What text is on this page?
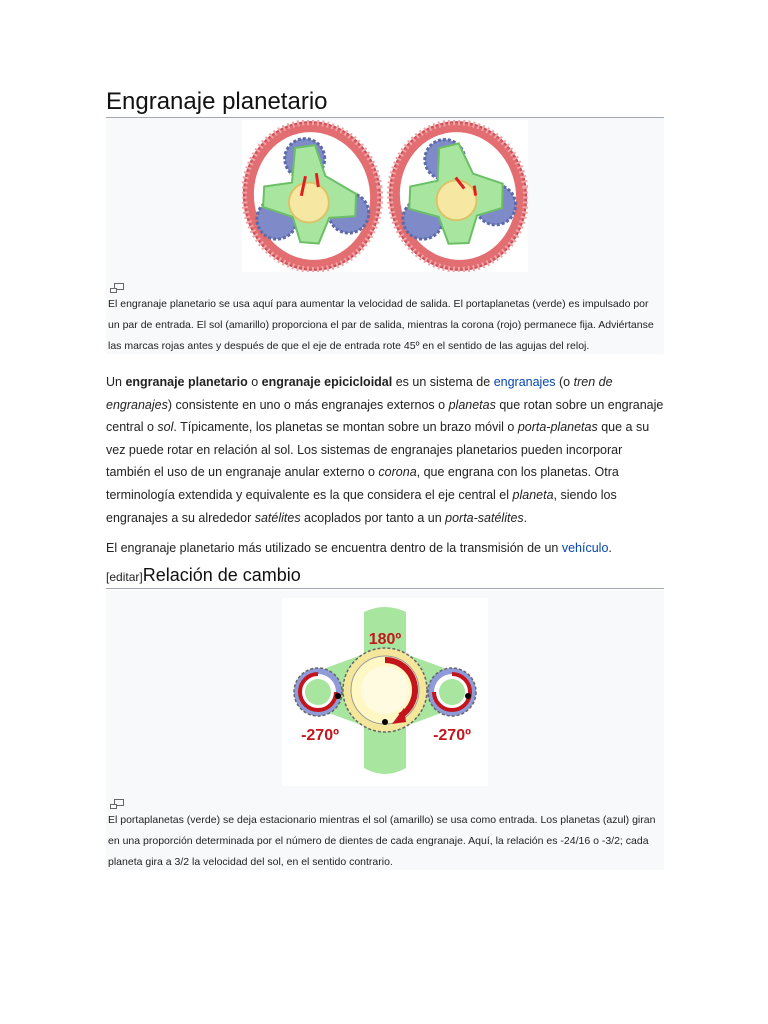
Engranaje planetario
El engranaje planetario se usa aquí para aumentar la velocidad de salida. El portaplanetas (verde) es impulsado por un par de entrada. El sol (amarillo) proporciona el par de salida, mientras la corona (rojo) permanece fija. Adviértanse las marcas rojas antes y después de que el eje de entrada rote 45º en el sentido de las agujas del reloj.
Un engranaje planetario o engranaje epicicloidal es un sistema de engranajes (o tren de engranajes) consistente en uno o más engranajes externos o planetas que rotan sobre un engranaje central o sol. Típicamente, los planetas se montan sobre un brazo móvil o porta-planetas que a su vez puede rotar en relación al sol. Los sistemas de engranajes planetarios pueden incorporar también el uso de un engranaje anular externo o corona, que engrana con los planetas. Otra terminología extendida y equivalente es la que considera el eje central el planeta, siendo los engranajes a su alrededor satélites acoplados por tanto a un porta-satélites.
El engranaje planetario más utilizado se encuentra dentro de la transmisión de un vehículo.
[editar]Relación de cambio
180º
-270º	-270º
El portaplanetas (verde) se deja estacionario mientras el sol (amarillo) se usa como entrada. Los planetas (azul) giran en una proporción determinada por el número de dientes de cada engranaje. Aquí, la relación es -24/16 o -3/2; cada planeta gira a 3/2 la velocidad del sol, en el sentido contrario.
